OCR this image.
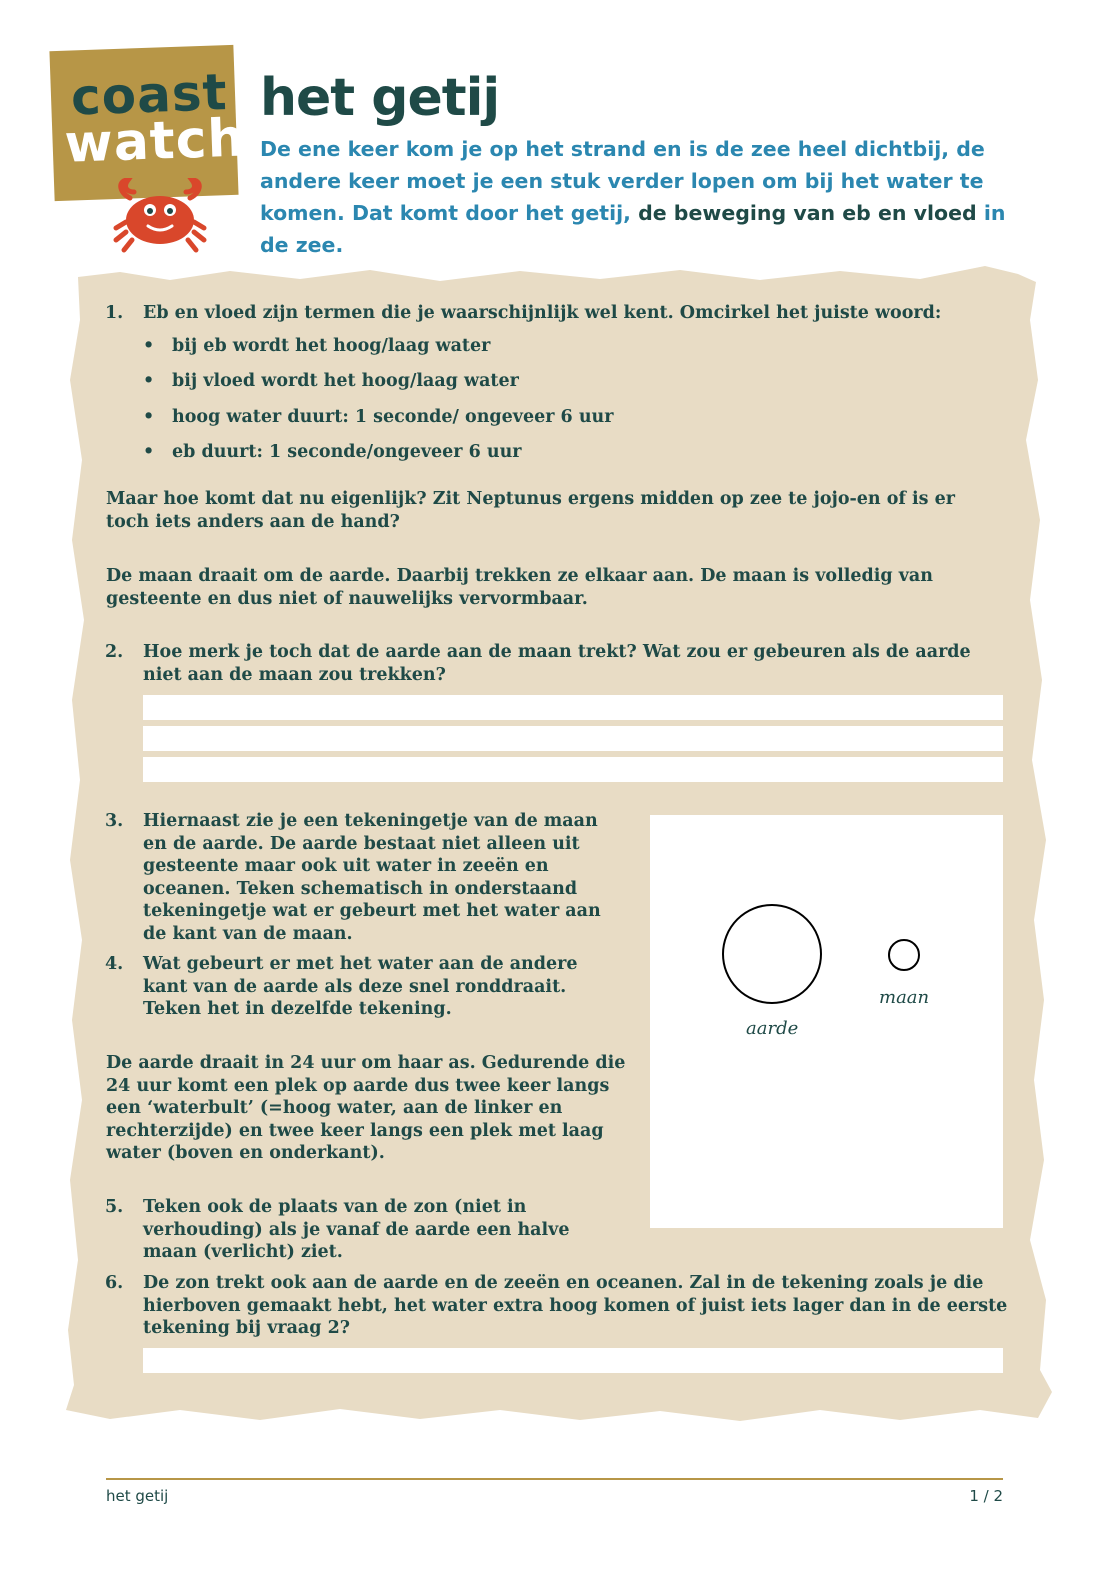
coast
watch
het getij

De ene keer kom je op het strand en is de zee heel dichtbij, de andere keer moet je een stuk verder lopen om bij het water te komen. Dat komt door het getij, de beweging van eb en vloed in de zee.

1. Eb en vloed zijn termen die je waarschijnlijk wel kent. Omcirkel het juiste woord:

• bij eb wordt het hoog/laag water
• bij vloed wordt het hoog/laag water
• hoog water duurt: 1 seconde/ ongeveer 6 uur
• eb duurt: 1 seconde/ongeveer 6 uur

Maar hoe komt dat nu eigenlijk? Zit Neptunus ergens midden op zee te jojo-en of is er toch iets anders aan de hand?

De maan draait om de aarde. Daarbij trekken ze elkaar aan. De maan is volledig van gesteente en dus niet of nauwelijks vervormbaar.

2. Hoe merk je toch dat de aarde aan de maan trekt? Wat zou er gebeuren als de aarde niet aan de maan zou trekken?

3. Hiernaast zie je een tekeningetje van de maan en de aarde. De aarde bestaat niet alleen uit gesteente maar ook uit water in zeeën en oceanen. Teken schematisch in onderstaand tekeningetje wat er gebeurt met het water aan de kant van de maan.

4. Wat gebeurt er met het water aan de andere kant van de aarde als deze snel ronddraait. Teken het in dezelfde tekening.

De aarde draait in 24 uur om haar as. Gedurende die 24 uur komt een plek op aarde dus twee keer langs een ‘waterbult’ (=hoog water, aan de linker en rechterzijde) en twee keer langs een plek met laag water (boven en onderkant).

5. Teken ook de plaats van de zon (niet in verhouding) als je vanaf de aarde een halve maan (verlicht) ziet.

6. De zon trekt ook aan de aarde en de zeeën en oceanen. Zal in de tekening zoals je die hierboven gemaakt hebt, het water extra hoog komen of juist iets lager dan in de eerste tekening bij vraag 2?

aarde
maan
het getij	1 / 2
